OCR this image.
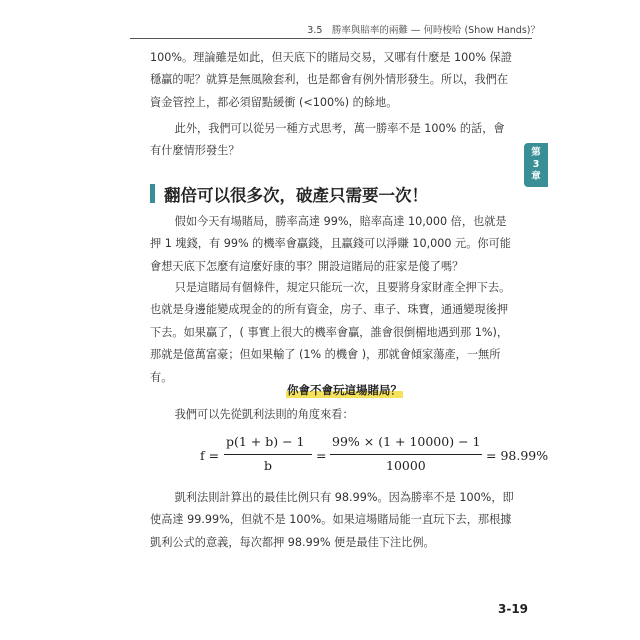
3.5　勝率與賠率的兩難 — 何時梭哈 (Show Hands)？
第
3
章

100%。理論雖是如此，但天底下的賭局交易，又哪有什麼是 100% 保證穩贏的呢？就算是無風險套利，也是都會有例外情形發生。所以，我們在資金管控上，都必須留點緩衝 (<100%) 的餘地。

此外，我們可以從另一種方式思考，萬一勝率不是 100% 的話，會有什麼情形發生？

翻倍可以很多次，破產只需要一次！

假如今天有場賭局，勝率高達 99%，賠率高達 10,000 倍，也就是押 1 塊錢，有 99% 的機率會贏錢，且贏錢可以淨賺 10,000 元。你可能會想天底下怎麼有這麼好康的事？開設這賭局的莊家是傻了嗎？

只是這賭局有個條件，規定只能玩一次，且要將身家財產全押下去。也就是身邊能變成現金的的所有資金，房子、車子、珠寶，通通變現後押下去。如果贏了，( 事實上很大的機率會贏，誰會很倒楣地遇到那 1%)，那就是億萬富豪；但如果輸了 (1% 的機會 )，那就會傾家蕩產，一無所有。

你會不會玩這場賭局？

我們可以先從凱利法則的角度來看：

f =
p(1 + b) − 1
b
=
99% × (1 + 10000) − 1
10000
= 98.99%

凱利法則計算出的最佳比例只有 98.99%。因為勝率不是 100%，即使高達 99.99%，但就不是 100%。如果這場賭局能一直玩下去，那根據凱利公式的意義，每次都押 98.99% 便是最佳下注比例。

3-19
